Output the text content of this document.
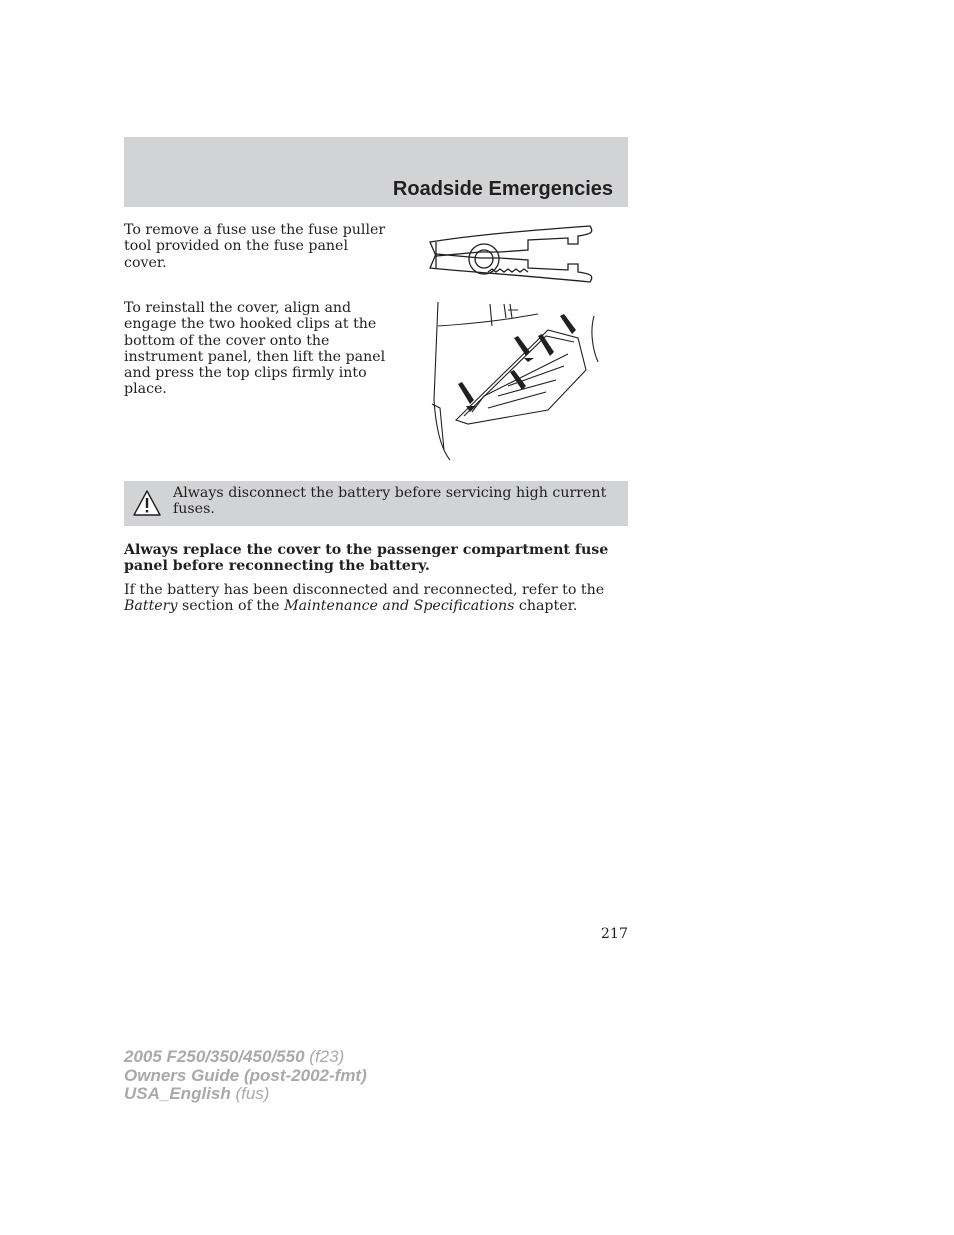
Roadside Emergencies

To remove a fuse use the fuse puller tool provided on the fuse panel cover.

To reinstall the cover, align and engage the two hooked clips at the bottom of the cover onto the instrument panel, then lift the panel and press the top clips firmly into place.

Always disconnect the battery before servicing high current fuses.

Always replace the cover to the passenger compartment fuse panel before reconnecting the battery.

If the battery has been disconnected and reconnected, refer to the Battery section of the Maintenance and Specifications chapter.

217
2005 F250/350/450/550 (f23)
Owners Guide (post-2002-fmt)
USA_English (fus)
